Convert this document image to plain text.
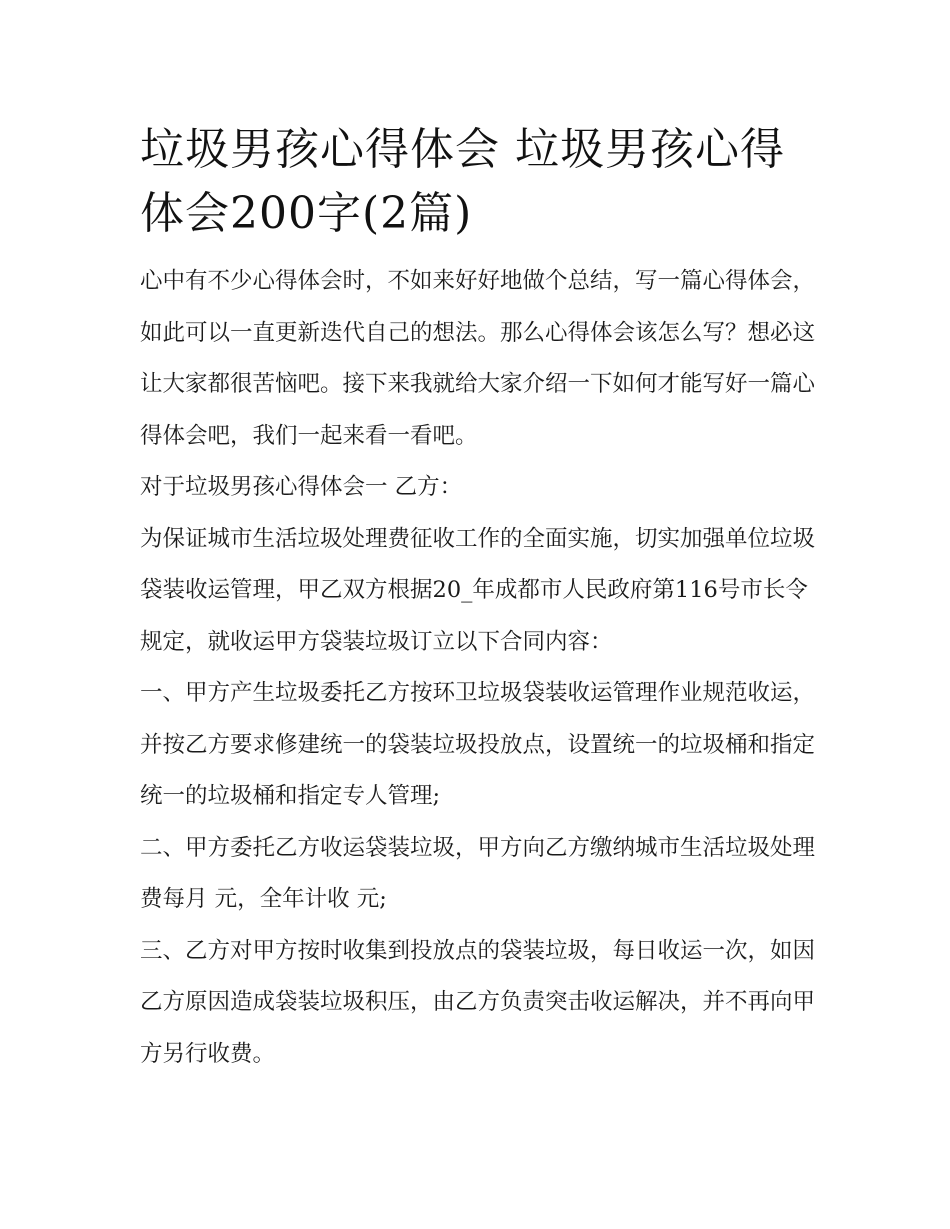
垃圾男孩心得体会 垃圾男孩心得体会200字(2篇)

心中有不少心得体会时，不如来好好地做个总结，写一篇心得体会，如此可以一直更新迭代自己的想法。那么心得体会该怎么写？想必这让大家都很苦恼吧。接下来我就给大家介绍一下如何才能写好一篇心得体会吧，我们一起来看一看吧。

对于垃圾男孩心得体会一 乙方：

为保证城市生活垃圾处理费征收工作的全面实施，切实加强单位垃圾袋装收运管理，甲乙双方根据20_年成都市人民政府第116号市长令规定，就收运甲方袋装垃圾订立以下合同内容：

一、甲方产生垃圾委托乙方按环卫垃圾袋装收运管理作业规范收运，并按乙方要求修建统一的袋装垃圾投放点，设置统一的垃圾桶和指定统一的垃圾桶和指定专人管理;

二、甲方委托乙方收运袋装垃圾，甲方向乙方缴纳城市生活垃圾处理费每月 元，全年计收 元;

三、乙方对甲方按时收集到投放点的袋装垃圾，每日收运一次，如因乙方原因造成袋装垃圾积压，由乙方负责突击收运解决，并不再向甲方另行收费。
